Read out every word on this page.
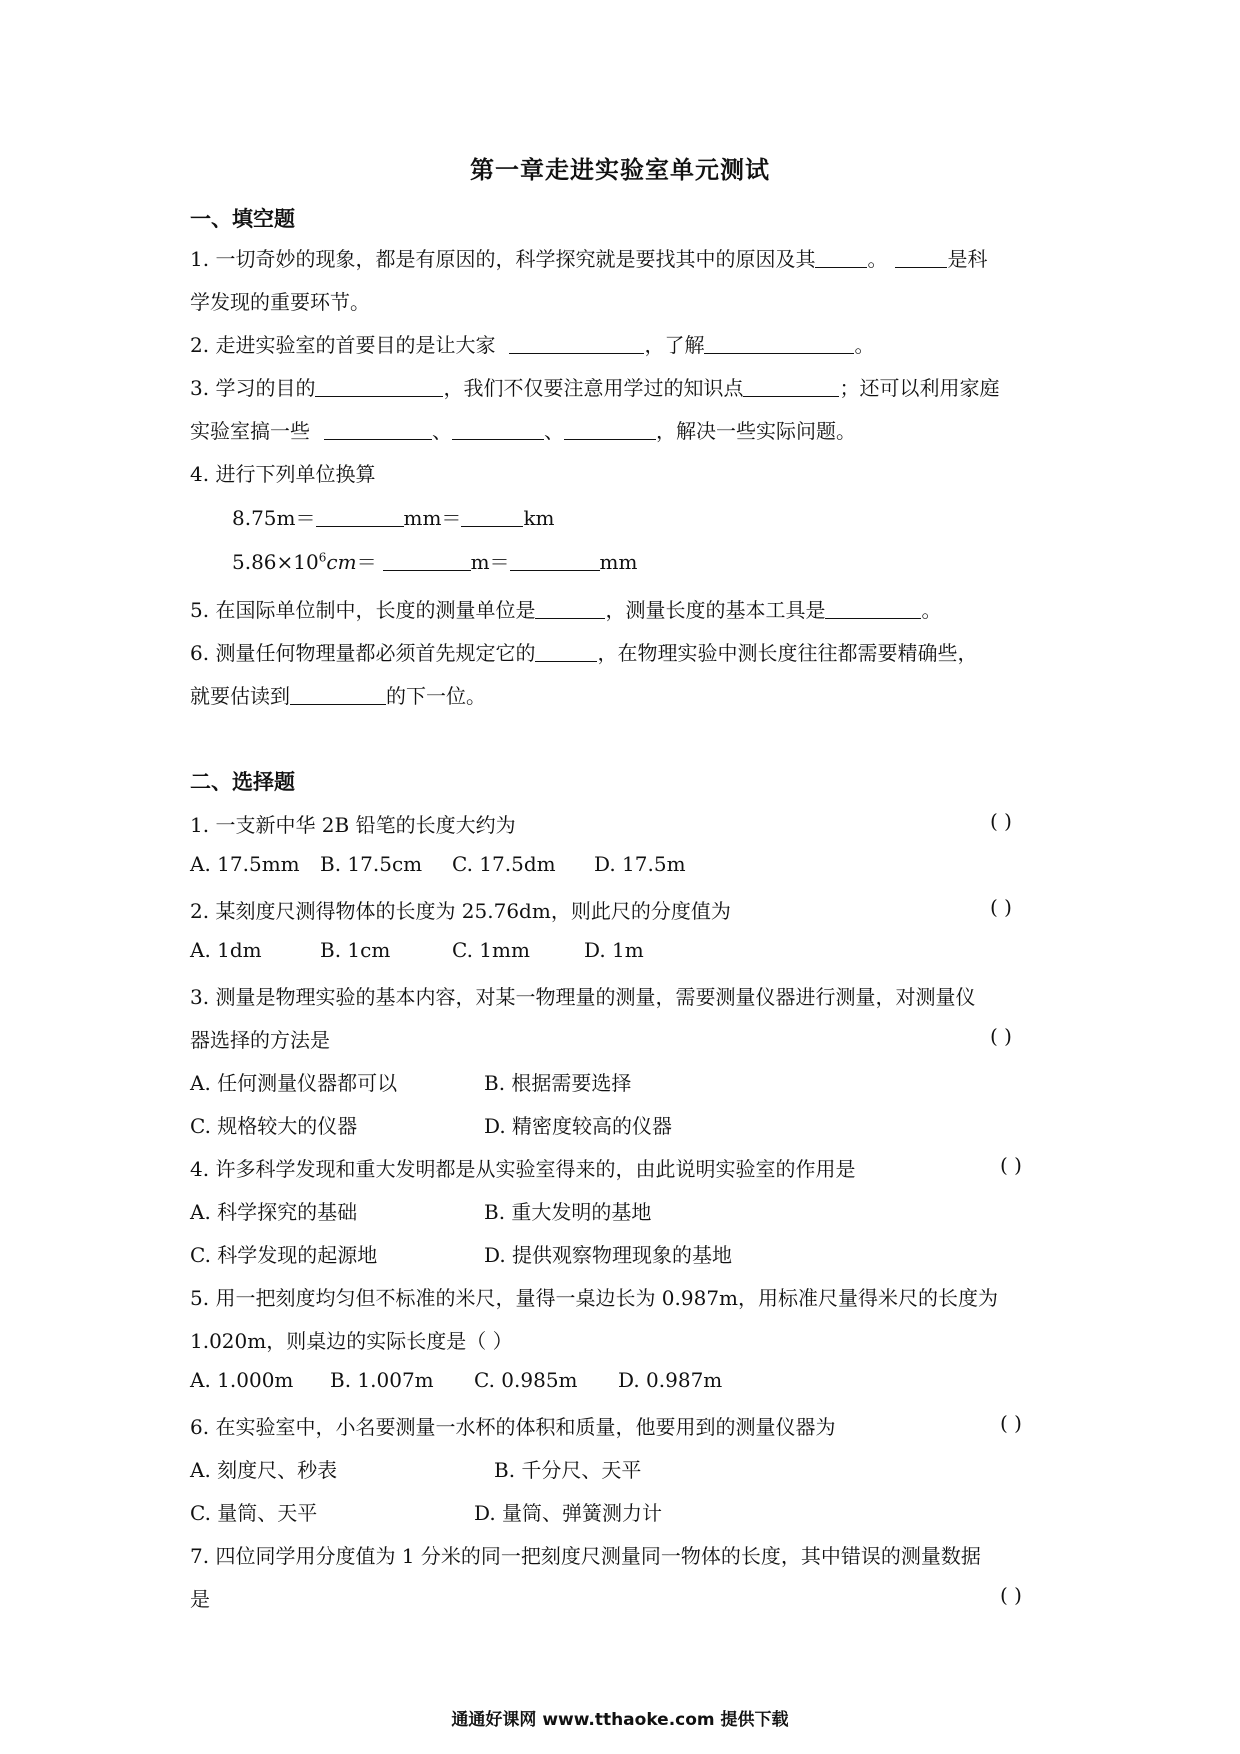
第一章走进实验室单元测试
一、填空题
1. 一切奇妙的现象，都是有原因的，科学探究就是要找其中的原因及其	。	是科
学发现的重要环节。
2. 走进实验室的首要目的是让大家	，了解	。
3. 学习的目的	，我们不仅要注意用学过的知识点	；还可以利用家庭
实验室搞一些	、	、	，解决一些实际问题。
4. 进行下列单位换算
8.75m＝	mm＝	km
$5.86\times 10^6cm=$	m＝	mm
5. 在国际单位制中，长度的测量单位是	，测量长度的基本工具是	。
6. 测量任何物理量都必须首先规定它的	，在物理实验中测长度往往都需要精确些，
就要估读到	的下一位。
二、选择题
1. 一支新中华 2B 铅笔的长度大约为	( )
A. 17.5mm B. 17.5cm C. 17.5dm D. 17.5m
2. 某刻度尺测得物体的长度为 25.76dm，则此尺的分度值为	( )
A. 1dm	B. 1cm	C. 1mm	D. 1m
3. 测量是物理实验的基本内容，对某一物理量的测量，需要测量仪器进行测量，对测量仪
器选择的方法是	( )
A. 任何测量仪器都可以	B. 根据需要选择
C. 规格较大的仪器	D. 精密度较高的仪器
4. 许多科学发现和重大发明都是从实验室得来的，由此说明实验室的作用是	( )
A. 科学探究的基础	B. 重大发明的基地
C. 科学发现的起源地	D. 提供观察物理现象的基地
5. 用一把刻度均匀但不标准的米尺，量得一桌边长为 0.987m，用标准尺量得米尺的长度为
1.020m，则桌边的实际长度是（ ）
A. 1.000m B. 1.007m C. 0.985m D. 0.987m
6. 在实验室中，小名要测量一水杯的体积和质量，他要用到的测量仪器为	( )
A. 刻度尺、秒表	B. 千分尺、天平
C. 量筒、天平	D. 量筒、弹簧测力计
7. 四位同学用分度值为 1 分米的同一把刻度尺测量同一物体的长度，其中错误的测量数据
是	( )
通通好课网 www.tthaoke.com 提供下载
